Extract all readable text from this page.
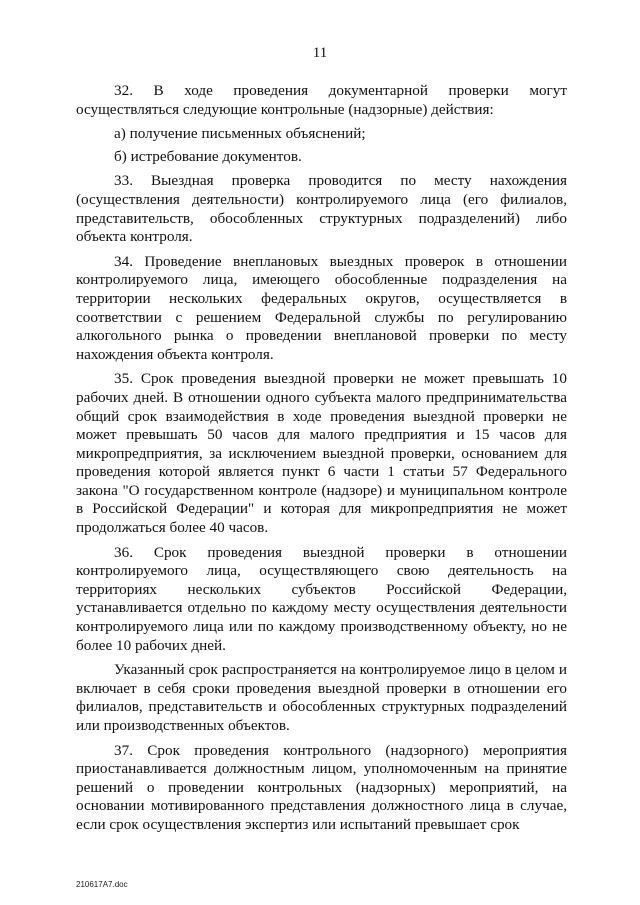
11

32. В ходе проведения документарной проверки могут осуществляться следующие контрольные (надзорные) действия:

а) получение письменных объяснений;

б) истребование документов.

33. Выездная проверка проводится по месту нахождения (осуществления деятельности) контролируемого лица (его филиалов, представительств, обособленных структурных подразделений) либо объекта контроля.

34. Проведение внеплановых выездных проверок в отношении контролируемого лица, имеющего обособленные подразделения на территории нескольких федеральных округов, осуществляется в соответствии с решением Федеральной службы по регулированию алкогольного рынка о проведении внеплановой проверки по месту нахождения объекта контроля.

35. Срок проведения выездной проверки не может превышать 10 рабочих дней. В отношении одного субъекта малого предпринимательства общий срок взаимодействия в ходе проведения выездной проверки не может превышать 50 часов для малого предприятия и 15 часов для микропредприятия, за исключением выездной проверки, основанием для проведения которой является пункт 6 части 1 статьи 57 Федерального закона "О государственном контроле (надзоре) и муниципальном контроле в Российской Федерации" и которая для микропредприятия не может продолжаться более 40 часов.

36. Срок проведения выездной проверки в отношении контролируемого лица, осуществляющего свою деятельность на территориях нескольких субъектов Российской Федерации, устанавливается отдельно по каждому месту осуществления деятельности контролируемого лица или по каждому производственному объекту, но не более 10 рабочих дней.

Указанный срок распространяется на контролируемое лицо в целом и включает в себя сроки проведения выездной проверки в отношении его филиалов, представительств и обособленных структурных подразделений или производственных объектов.

37. Срок проведения контрольного (надзорного) мероприятия приостанавливается должностным лицом, уполномоченным на принятие решений о проведении контрольных (надзорных) мероприятий, на основании мотивированного представления должностного лица в случае, если срок осуществления экспертиз или испытаний превышает срок

210617A7.doc
